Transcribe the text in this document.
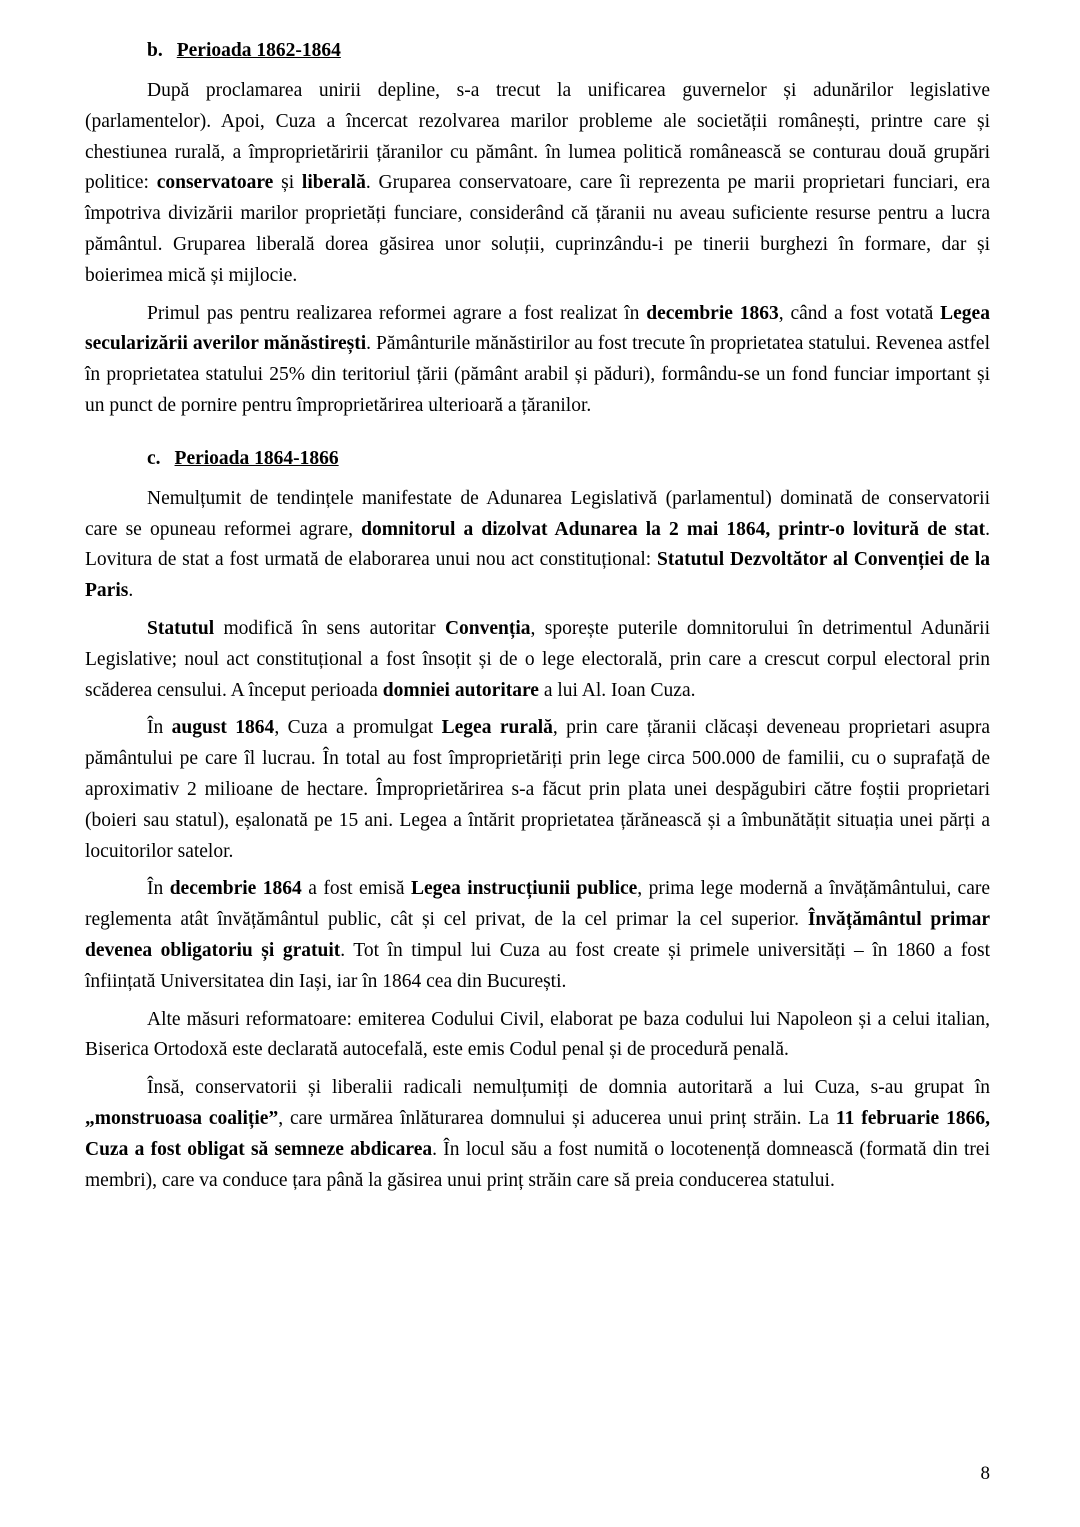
b. Perioada 1862-1864

După proclamarea unirii depline, s-a trecut la unificarea guvernelor și adunărilor legislative (parlamentelor). Apoi, Cuza a încercat rezolvarea marilor probleme ale societății românești, printre care și chestiunea rurală, a împroprietăririi țăranilor cu pământ. în lumea politică românească se conturau două grupări politice: conservatoare și liberală. Gruparea conservatoare, care îi reprezenta pe marii proprietari funciari, era împotriva divizării marilor proprietăți funciare, considerând că țăranii nu aveau suficiente resurse pentru a lucra pământul. Gruparea liberală dorea găsirea unor soluții, cuprinzându-i pe tinerii burghezi în formare, dar și boierimea mică și mijlocie.

Primul pas pentru realizarea reformei agrare a fost realizat în decembrie 1863, când a fost votată Legea secularizării averilor mănăstirești. Pământurile mănăstirilor au fost trecute în proprietatea statului. Revenea astfel în proprietatea statului 25% din teritoriul țării (pământ arabil și păduri), formându-se un fond funciar important și un punct de pornire pentru împroprietărirea ulterioară a țăranilor.

c. Perioada 1864-1866

Nemulțumit de tendințele manifestate de Adunarea Legislativă (parlamentul) dominată de conservatorii care se opuneau reformei agrare, domnitorul a dizolvat Adunarea la 2 mai 1864, printr-o lovitură de stat. Lovitura de stat a fost urmată de elaborarea unui nou act constituțional: Statutul Dezvoltător al Convenției de la Paris.

Statutul modifică în sens autoritar Convenția, sporește puterile domnitorului în detrimentul Adunării Legislative; noul act constituțional a fost însoțit și de o lege electorală, prin care a crescut corpul electoral prin scăderea censului. A început perioada domniei autoritare a lui Al. Ioan Cuza.

În august 1864, Cuza a promulgat Legea rurală, prin care țăranii clăcași deveneau proprietari asupra pământului pe care îl lucrau. În total au fost împroprietăriți prin lege circa 500.000 de familii, cu o suprafață de aproximativ 2 milioane de hectare. Împroprietărirea s-a făcut prin plata unei despăgubiri către foștii proprietari (boieri sau statul), eșalonată pe 15 ani. Legea a întărit proprietatea țărănească și a îmbunătățit situația unei părți a locuitorilor satelor.

În decembrie 1864 a fost emisă Legea instrucțiunii publice, prima lege modernă a învățământului, care reglementa atât învățământul public, cât și cel privat, de la cel primar la cel superior. Învățământul primar devenea obligatoriu și gratuit. Tot în timpul lui Cuza au fost create și primele universități – în 1860 a fost înființată Universitatea din Iași, iar în 1864 cea din București.

Alte măsuri reformatoare: emiterea Codului Civil, elaborat pe baza codului lui Napoleon și a celui italian, Biserica Ortodoxă este declarată autocefală, este emis Codul penal și de procedură penală.

Însă, conservatorii și liberalii radicali nemulțumiți de domnia autoritară a lui Cuza, s-au grupat în „monstruoasa coaliție”, care urmărea înlăturarea domnului și aducerea unui prinț străin. La 11 februarie 1866, Cuza a fost obligat să semneze abdicarea. În locul său a fost numită o locotenență domnească (formată din trei membri), care va conduce țara până la găsirea unui prinț străin care să preia conducerea statului.

8
